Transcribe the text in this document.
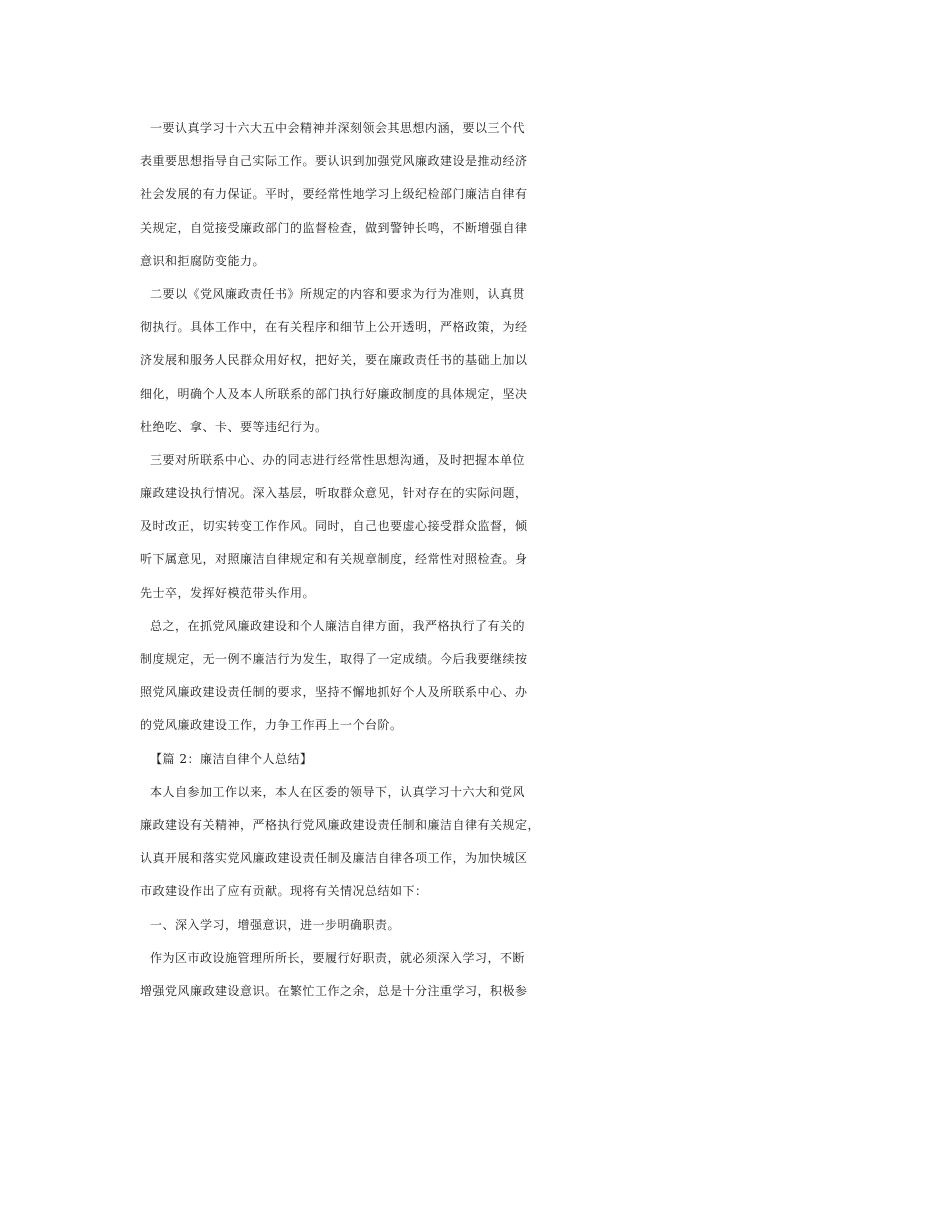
一要认真学习十六大五中会精神并深刻领会其思想内涵，要以三个代
表重要思想指导自己实际工作。要认识到加强党风廉政建设是推动经济
社会发展的有力保证。平时，要经常性地学习上级纪检部门廉洁自律有
关规定，自觉接受廉政部门的监督检查，做到警钟长鸣，不断增强自律
意识和拒腐防变能力。
二要以《党风廉政责任书》所规定的内容和要求为行为准则，认真贯
彻执行。具体工作中，在有关程序和细节上公开透明，严格政策，为经
济发展和服务人民群众用好权，把好关，要在廉政责任书的基础上加以
细化，明确个人及本人所联系的部门执行好廉政制度的具体规定，坚决
杜绝吃、拿、卡、要等违纪行为。
三要对所联系中心、办的同志进行经常性思想沟通，及时把握本单位
廉政建设执行情况。深入基层，听取群众意见，针对存在的实际问题，
及时改正，切实转变工作作风。同时，自己也要虚心接受群众监督，倾
听下属意见，对照廉洁自律规定和有关规章制度，经常性对照检查。身
先士卒，发挥好模范带头作用。
总之，在抓党风廉政建设和个人廉洁自律方面，我严格执行了有关的
制度规定，无一例不廉洁行为发生，取得了一定成绩。今后我要继续按
照党风廉政建设责任制的要求，坚持不懈地抓好个人及所联系中心、办
的党风廉政建设工作，力争工作再上一个台阶。
【篇 2：廉洁自律个人总结】
本人自参加工作以来，本人在区委的领导下，认真学习十六大和党风
廉政建设有关精神，严格执行党风廉政建设责任制和廉洁自律有关规定，
认真开展和落实党风廉政建设责任制及廉洁自律各项工作，为加快城区
市政建设作出了应有贡献。现将有关情况总结如下：
一、深入学习，增强意识，进一步明确职责。
作为区市政设施管理所所长，要履行好职责，就必须深入学习，不断
增强党风廉政建设意识。在繁忙工作之余，总是十分注重学习，积极参
